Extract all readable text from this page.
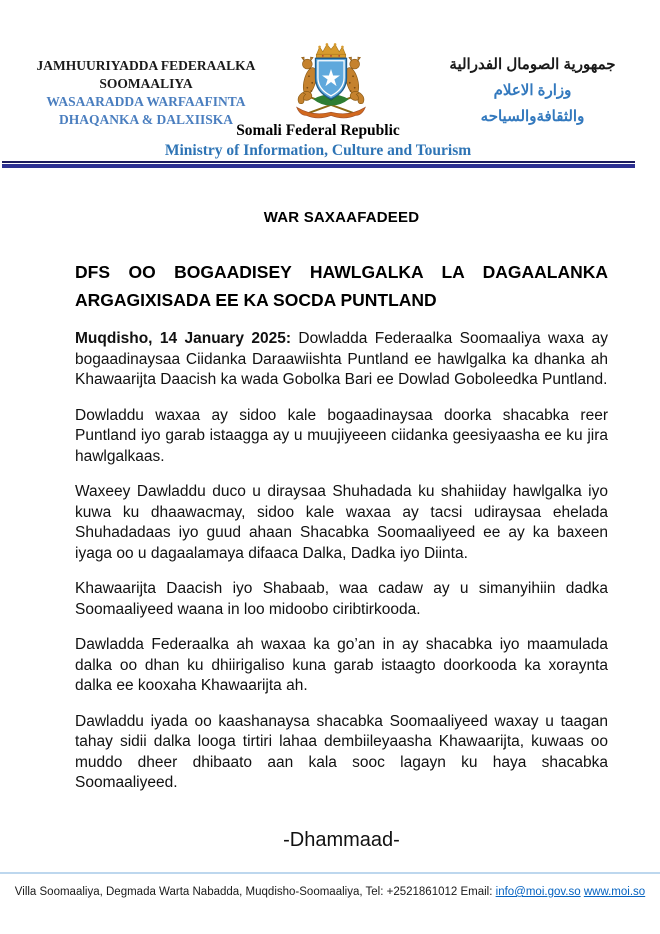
JAMHUURIYADDA FEDERAALKA
SOOMAALIYA
WASAARADDA WARFAAFINTA
DHAQANKA & DALXIISKA
Somali Federal Republic
Ministry of Information, Culture and Tourism
جمهورية الصومال الفدرالية
وزارة الاعلام
والثقافةوالسياحه

WAR SAXAAFADEED

DFS OO BOGAADISEY HAWLGALKA LA DAGAALANKA ARGAGIXISADA EE KA SOCDA PUNTLAND

Muqdisho, 14 January 2025: Dowladda Federaalka Soomaaliya waxa ay bogaadinaysaa Ciidanka Daraawiishta Puntland ee hawlgalka ka dhanka ah Khawaarijta Daacish ka wada Gobolka Bari ee Dowlad Goboleedka Puntland.

Dowladdu waxaa ay sidoo kale bogaadinaysaa doorka shacabka reer Puntland iyo garab istaagga ay u muujiyeeen ciidanka geesiyaasha ee ku jira hawlgalkaas.

Waxeey Dawladdu duco u diraysaa Shuhadada ku shahiiday hawlgalka iyo kuwa ku dhaawacmay, sidoo kale waxaa ay tacsi udiraysaa ehelada Shuhadadaas iyo guud ahaan Shacabka Soomaaliyeed ee ay ka baxeen iyaga oo u dagaalamaya difaaca Dalka, Dadka iyo Diinta.

Khawaarijta Daacish iyo Shabaab, waa cadaw ay u simanyihiin dadka Soomaaliyeed waana in loo midoobo ciribtirkooda.

Dawladda Federaalka ah waxaa ka go’an in ay shacabka iyo maamulada dalka oo dhan ku dhiirigaliso kuna garab istaagto doorkooda ka xoraynta dalka ee kooxaha Khawaarijta ah.

Dawladdu iyada oo kaashanaysa shacabka Soomaaliyeed waxay u taagan tahay sidii dalka looga tirtiri lahaa dembiileyaasha Khawaarijta, kuwaas oo muddo dheer dhibaato aan kala sooc lagayn ku haya shacabka Soomaaliyeed.

-Dhammaad-

Villa Soomaaliya, Degmada Warta Nabadda, Muqdisho-Soomaaliya, Tel: +2521861012 Email: info@moi.gov.so www.moi.so
